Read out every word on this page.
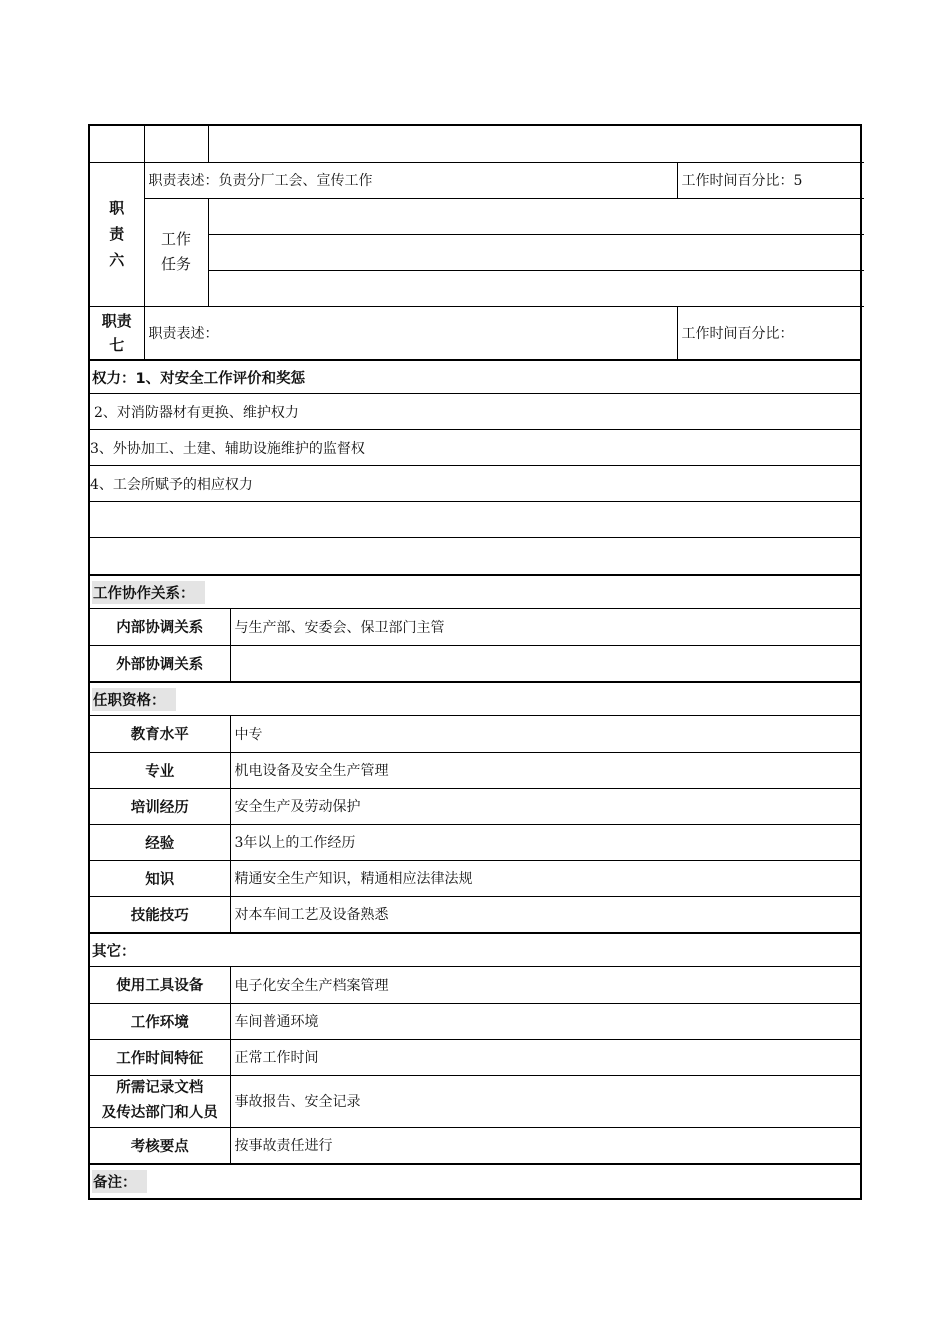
职责六	职责表述：负责分厂工会、宣传工作		工作时间百分比：5
	工作任务		

职责七	职责表述：		工作时间百分比：
权力：1、对安全工作评价和奖惩
2、对消防器材有更换、维护权力
3、外协加工、土建、辅助设施维护的监督权
4、工会所赋予的相应权力
工作协作关系：
内部协调关系	与生产部、安委会、保卫部门主管
外部协调关系	
任职资格：
教育水平	中专
专业	机电设备及安全生产管理
培训经历	安全生产及劳动保护
经验	3年以上的工作经历
知识	精通安全生产知识，精通相应法律法规
技能技巧	对本车间工艺及设备熟悉
其它：
使用工具设备	电子化安全生产档案管理
工作环境	车间普通环境
工作时间特征	正常工作时间

所需记录文档
及传达部门和人员	事故报告、安全记录
考核要点	按事故责任进行
备注：
